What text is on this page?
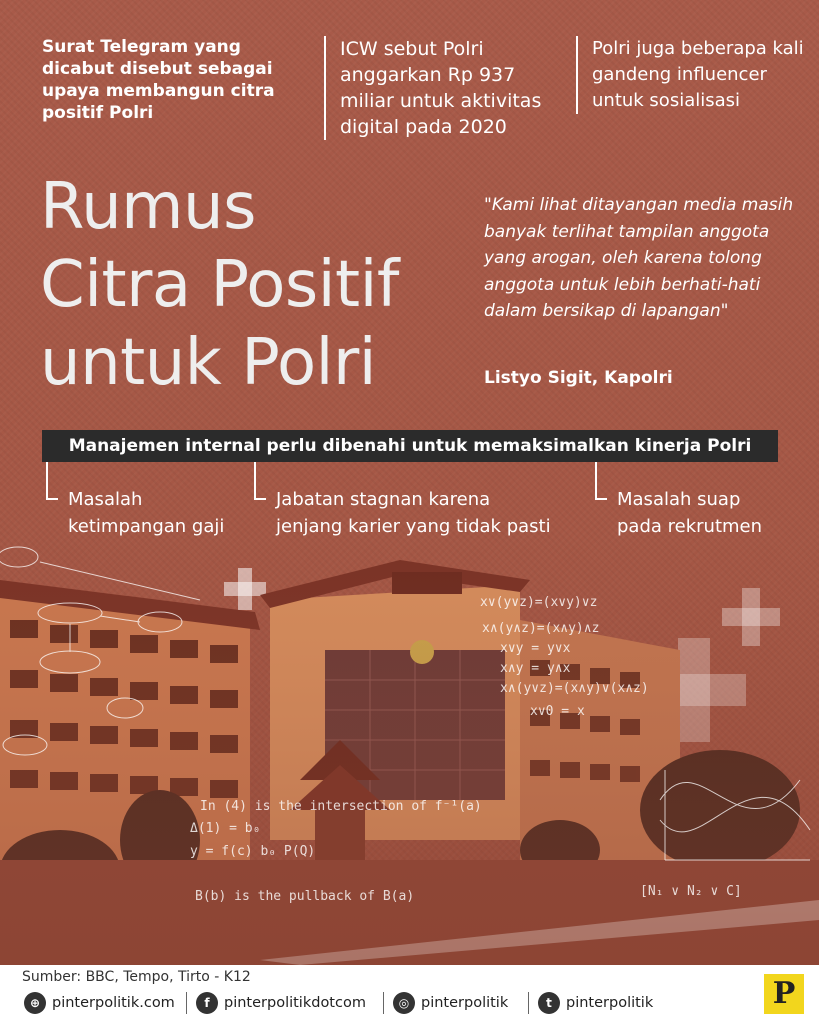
Surat Telegram yang dicabut disebut sebagai upaya membangun citra positif Polri

ICW sebut Polri anggarkan Rp 937 miliar untuk aktivitas digital pada 2020

Polri juga beberapa kali gandeng influencer untuk sosialisasi

Rumus
Citra Positif
untuk Polri
"Kami lihat ditayangan media masih banyak terlihat tampilan anggota yang arogan, oleh karena tolong anggota untuk lebih berhati-hati dalam bersikap di lapangan"
Listyo Sigit, Kapolri
Manajemen internal perlu dibenahi untuk memaksimalkan kinerja Polri
Masalah
ketimpangan gaji
Jabatan stagnan karena
jenjang karier yang tidak pasti
Masalah suap
pada rekrutmen
x∨(y∨z)=(x∨y)∨z
x∧(y∧z)=(x∧y)∧z
x∨y = y∨x
x∧y = y∧x
x∧(y∨z)=(x∧y)∨(x∧z)
x∨0 = x
In (4) is the intersection of f⁻¹(a)
Δ(1) = b₀
y = f(c) b₀ P(Q)
B(b) is the pullback of B(a)	[N₁ ∨ N₂ ∨ C]
Sumber: BBC, Tempo, Tirto - K12
⊕ pinterpolitik.com	f pinterpolitikdotcom	◎ pinterpolitik	t pinterpolitik	P
